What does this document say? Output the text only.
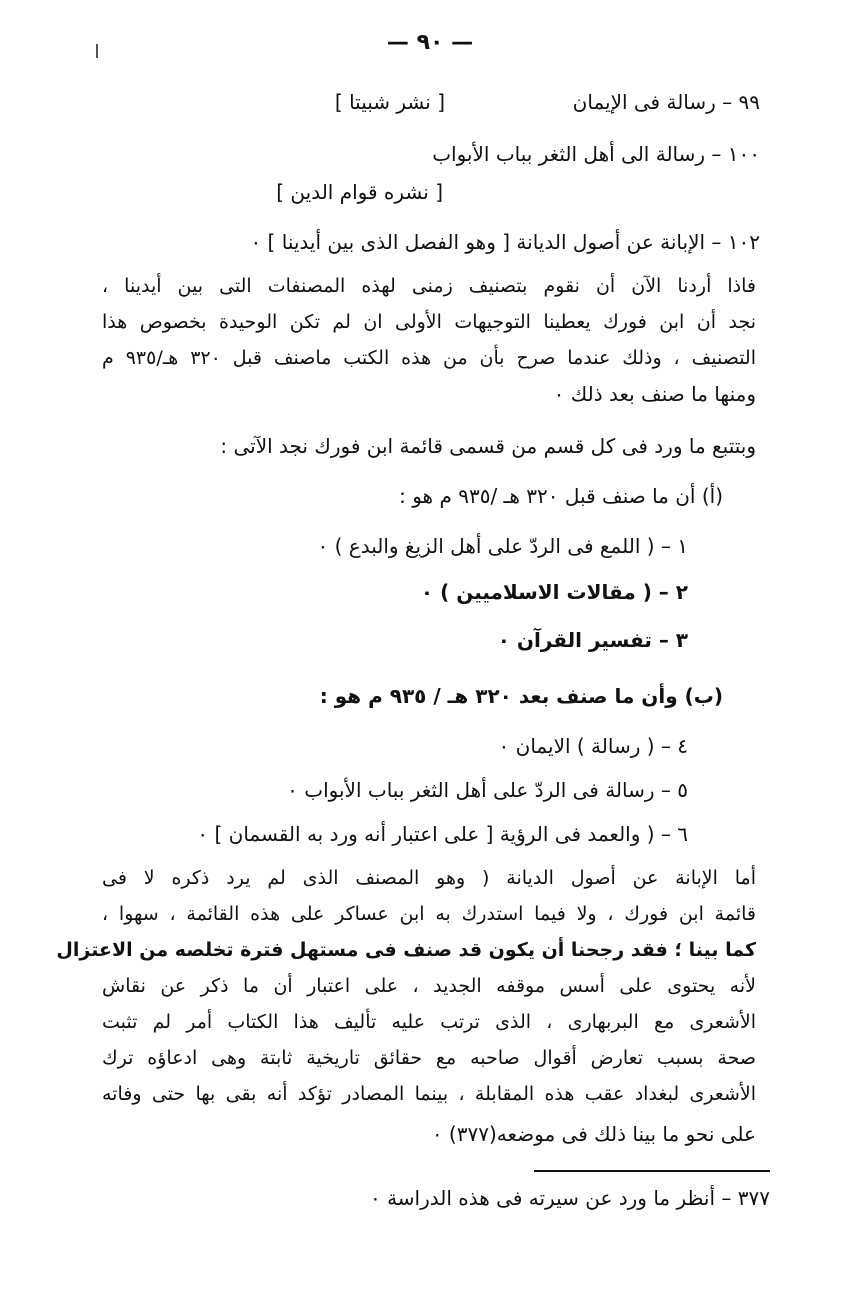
— ٩٠ —
٩٩ – رسالة فى الإيمان
[ نشر شبيتا ]
١٠٠ – رسالة الى أهل الثغر بباب الأبواب
[ نشره قوام الدين ]
١٠٢ – الإبانة عن أصول الديانة [ وهو الفصل الذى بين أيدينا ] ٠
فاذا أردنا الآن أن نقوم بتصنيف زمنى لهذه المصنفات التى بين أيدينا ،
نجد أن ابن فورك يعطينا التوجيهات الأولى ان لم تكن الوحيدة بخصوص هذا
التصنيف ، وذلك عندما صرح بأن من هذه الكتب ماصنف قبل ٣٢٠ هـ/٩٣٥ م
ومنها ما صنف بعد ذلك ٠
وبتتبع ما ورد فى كل قسم من قسمى قائمة ابن فورك نجد الآتى :
(أ) أن ما صنف قبل ٣٢٠ هـ /٩٣٥ م هو :
١ – ( اللمع فى الردّ على أهل الزيغ والبدع ) ٠
٢ – ( مقالات الاسلاميين ) ٠
٣ – تفسير القرآن ٠
(ب) وأن ما صنف بعد ٣٢٠ هـ / ٩٣٥ م هو :
٤ – ( رسالة ) الايمان ٠
٥ – رسالة فى الردّ على أهل الثغر بباب الأبواب ٠
٦ – ( والعمد فى الرؤية [ على اعتبار أنه ورد به القسمان ] ٠
أما الإبانة عن أصول الديانة ( وهو المصنف الذى لم يرد ذكره لا فى
قائمة ابن فورك ، ولا فيما استدرك به ابن عساكر على هذه القائمة ، سهوا ،
كما بينا ؛ فقد رجحنا أن يكون قد صنف فى مستهل فترة تخلصه من الاعتزال
لأنه يحتوى على أسس موقفه الجديد ، على اعتبار أن ما ذكر عن نقاش
الأشعرى مع البربهارى ، الذى ترتب عليه تأليف هذا الكتاب أمر لم تثبت
صحة بسبب تعارض أقوال صاحبه مع حقائق تاريخية ثابتة وهى ادعاؤه ترك
الأشعرى لبغداد عقب هذه المقابلة ، بينما المصادر تؤكد أنه بقى بها حتى وفاته
على نحو ما بينا ذلك فى موضعه(٣٧٧) ٠
٣٧٧ – أنظر ما ورد عن سيرته فى هذه الدراسة ٠
